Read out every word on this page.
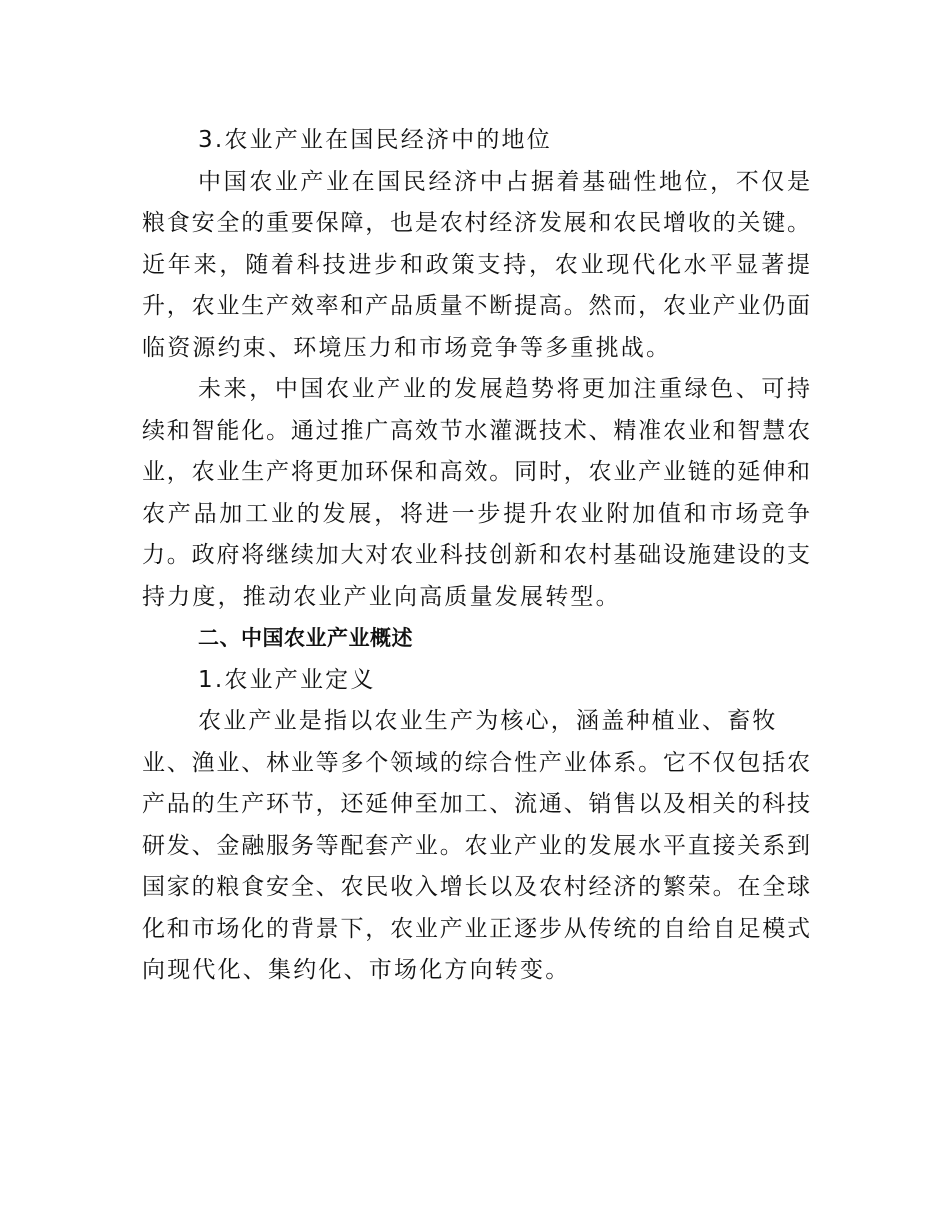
3.农业产业在国民经济中的地位
中国农业产业在国民经济中占据着基础性地位，不仅是
粮食安全的重要保障，也是农村经济发展和农民增收的关键。
近年来，随着科技进步和政策支持，农业现代化水平显著提
升，农业生产效率和产品质量不断提高。然而，农业产业仍面
临资源约束、环境压力和市场竞争等多重挑战。
未来，中国农业产业的发展趋势将更加注重绿色、可持
续和智能化。通过推广高效节水灌溉技术、精准农业和智慧农
业，农业生产将更加环保和高效。同时，农业产业链的延伸和
农产品加工业的发展，将进一步提升农业附加值和市场竞争
力。政府将继续加大对农业科技创新和农村基础设施建设的支
持力度，推动农业产业向高质量发展转型。
二、中国农业产业概述
1.农业产业定义
农业产业是指以农业生产为核心，涵盖种植业、畜牧
业、渔业、林业等多个领域的综合性产业体系。它不仅包括农
产品的生产环节，还延伸至加工、流通、销售以及相关的科技
研发、金融服务等配套产业。农业产业的发展水平直接关系到
国家的粮食安全、农民收入增长以及农村经济的繁荣。在全球
化和市场化的背景下，农业产业正逐步从传统的自给自足模式
向现代化、集约化、市场化方向转变。
